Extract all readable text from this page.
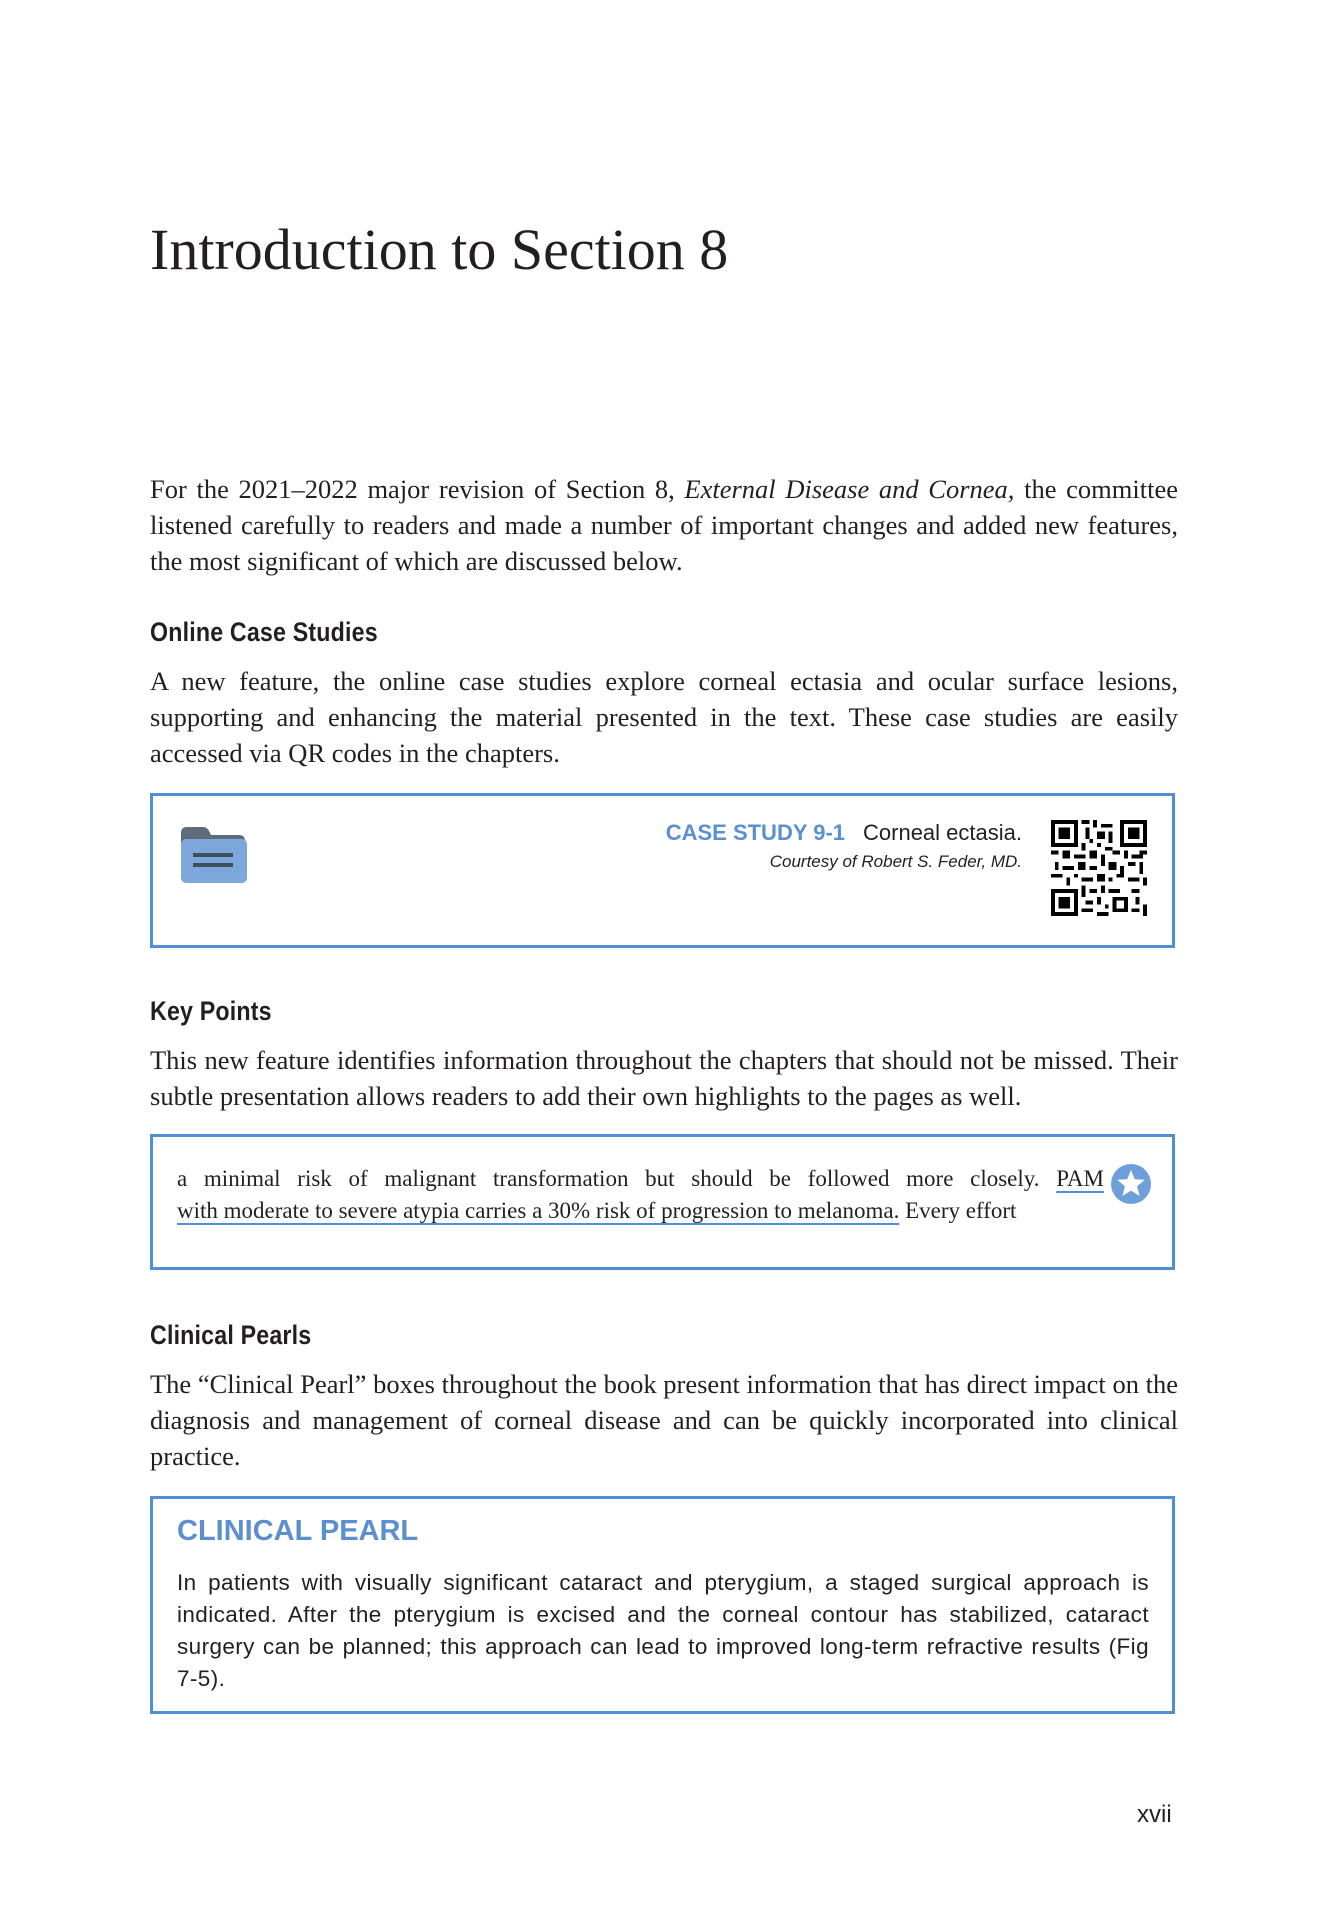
Introduction to Section 8

For the 2021–2022 major revision of Section 8, External Disease and Cornea, the committee listened carefully to readers and made a number of important changes and added new features, the most significant of which are discussed below.

Online Case Studies

A new feature, the online case studies explore corneal ectasia and ocular surface lesions, supporting and enhancing the material presented in the text. These case studies are easily accessed via QR codes in the chapters.

CASE STUDY 9-1 Corneal ectasia.
Courtesy of Robert S. Feder, MD.
Key Points

This new feature identifies information throughout the chapters that should not be missed. Their subtle presentation allows readers to add their own highlights to the pages as well.

a minimal risk of malignant transformation but should be followed more closely. PAM
with moderate to severe atypia carries a 30% risk of progression to melanoma. Every effort

Clinical Pearls

The “Clinical Pearl” boxes throughout the book present information that has direct impact on the diagnosis and management of corneal disease and can be quickly incorporated into clinical practice.

CLINICAL PEARL

In patients with visually significant cataract and pterygium, a staged surgical approach is indicated. After the pterygium is excised and the corneal contour has stabilized, cataract surgery can be planned; this approach can lead to improved long-term refractive results (Fig 7-5).

xvii
